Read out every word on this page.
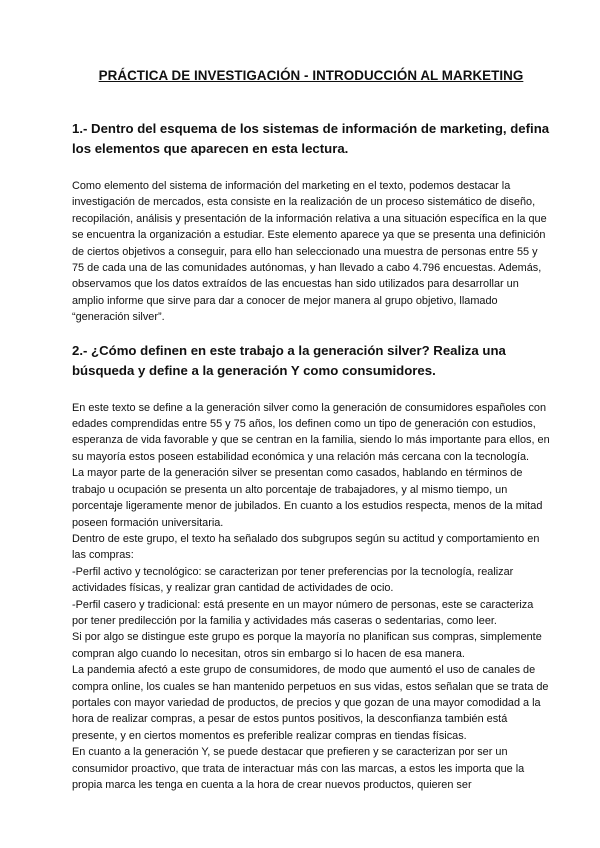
PRÁCTICA DE INVESTIGACIÓN - INTRODUCCIÓN AL MARKETING

1.- Dentro del esquema de los sistemas de información de marketing, defina los elementos que aparecen en esta lectura.

Como elemento del sistema de información del marketing en el texto, podemos destacar la investigación de mercados, esta consiste en la realización de un proceso sistemático de diseño, recopilación, análisis y presentación de la información relativa a una situación específica en la que se encuentra la organización a estudiar. Este elemento aparece ya que se presenta una definición de ciertos objetivos a conseguir, para ello han seleccionado una muestra de personas entre 55 y 75 de cada una de las comunidades autónomas, y han llevado a cabo 4.796 encuestas. Además, observamos que los datos extraídos de las encuestas han sido utilizados para desarrollar un amplio informe que sirve para dar a conocer de mejor manera al grupo objetivo, llamado “generación silver”.

2.- ¿Cómo definen en este trabajo a la generación silver? Realiza una búsqueda y define a la generación Y como consumidores.

En este texto se define a la generación silver como la generación de consumidores españoles con edades comprendidas entre 55 y 75 años, los definen como un tipo de generación con estudios, esperanza de vida favorable y que se centran en la familia, siendo lo más importante para ellos, en su mayoría estos poseen estabilidad económica y una relación más cercana con la tecnología.

La mayor parte de la generación silver se presentan como casados, hablando en términos de trabajo u ocupación se presenta un alto porcentaje de trabajadores, y al mismo tiempo, un porcentaje ligeramente menor de jubilados. En cuanto a los estudios respecta, menos de la mitad poseen formación universitaria.

Dentro de este grupo, el texto ha señalado dos subgrupos según su actitud y comportamiento en las compras:

-Perfil activo y tecnológico: se caracterizan por tener preferencias por la tecnología, realizar actividades físicas, y realizar gran cantidad de actividades de ocio.

-Perfil casero y tradicional: está presente en un mayor número de personas, este se caracteriza por tener predilección por la familia y actividades más caseras o sedentarias, como leer.

Si por algo se distingue este grupo es porque la mayoría no planifican sus compras, simplemente compran algo cuando lo necesitan, otros sin embargo si lo hacen de esa manera.

La pandemia afectó a este grupo de consumidores, de modo que aumentó el uso de canales de compra online, los cuales se han mantenido perpetuos en sus vidas, estos señalan que se trata de portales con mayor variedad de productos, de precios y que gozan de una mayor comodidad a la hora de realizar compras, a pesar de estos puntos positivos, la desconfianza también está presente, y en ciertos momentos es preferible realizar compras en tiendas físicas.

En cuanto a la generación Y, se puede destacar que prefieren y se caracterizan por ser un consumidor proactivo, que trata de interactuar más con las marcas, a estos les importa que la propia marca les tenga en cuenta a la hora de crear nuevos productos, quieren ser
